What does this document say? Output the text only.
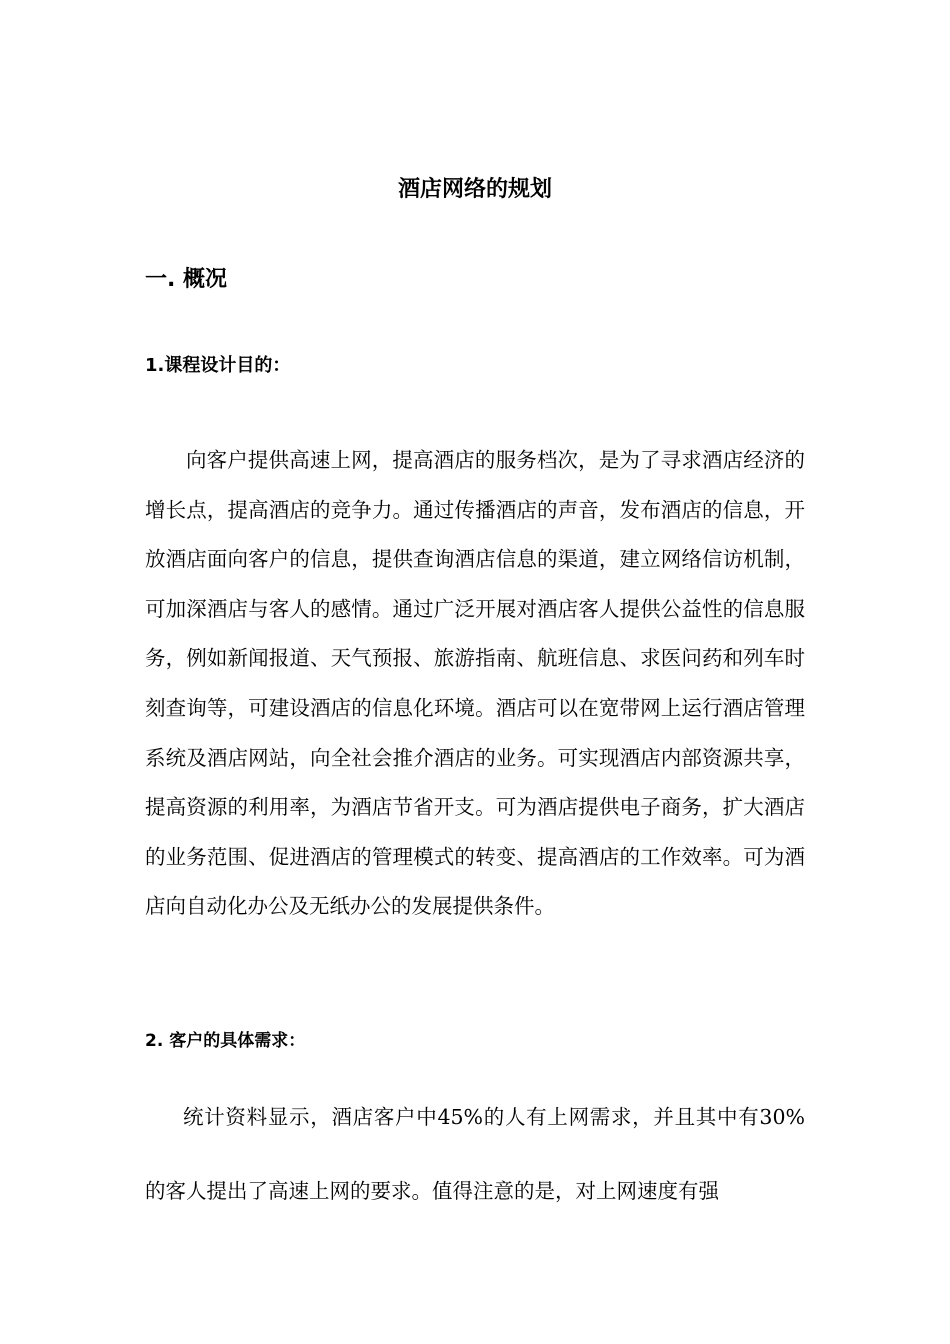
酒店网络的规划
一. 概况
1.课程设计目的：

向客户提供高速上网，提高酒店的服务档次，是为了寻求酒店经济的增长点，提高酒店的竞争力。通过传播酒店的声音，发布酒店的信息，开放酒店面向客户的信息，提供查询酒店信息的渠道，建立网络信访机制，可加深酒店与客人的感情。通过广泛开展对酒店客人提供公益性的信息服务，例如新闻报道、天气预报、旅游指南、航班信息、求医问药和列车时刻查询等，可建设酒店的信息化环境。酒店可以在宽带网上运行酒店管理系统及酒店网站，向全社会推介酒店的业务。可实现酒店内部资源共享，提高资源的利用率，为酒店节省开支。可为酒店提供电子商务，扩大酒店的业务范围、促进酒店的管理模式的转变、提高酒店的工作效率。可为酒店向自动化办公及无纸办公的发展提供条件。

2. 客户的具体需求：

统计资料显示，酒店客户中45%的人有上网需求，并且其中有30%的客人提出了高速上网的要求。值得注意的是，对上网速度有强
